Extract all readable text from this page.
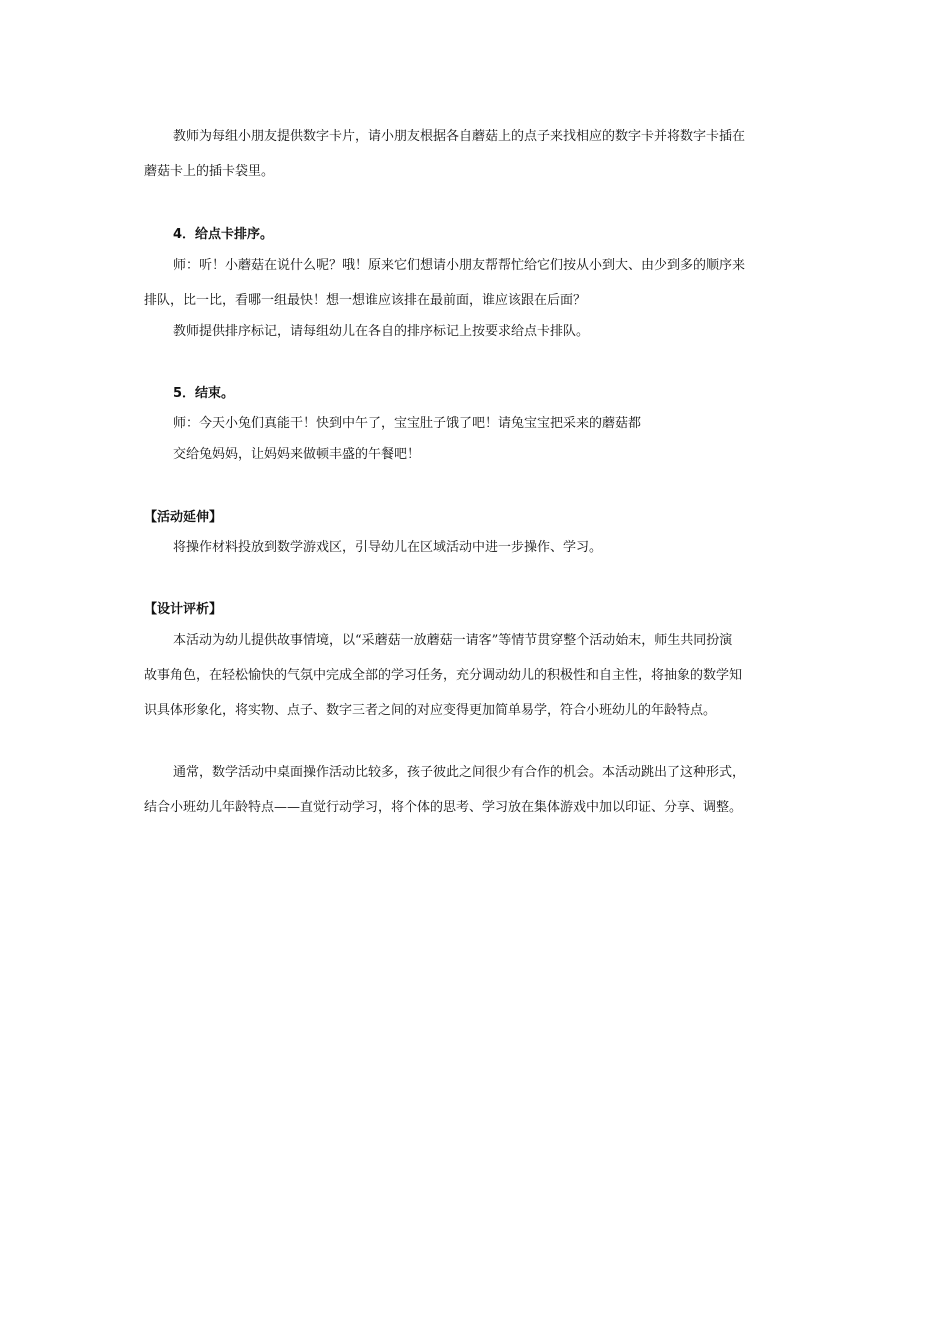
教师为每组小朋友提供数字卡片，请小朋友根据各自蘑菇上的点子来找相应的数字卡并将数字卡插在
蘑菇卡上的插卡袋里。
4．给点卡排序。
师：听！小蘑菇在说什么呢？哦！原来它们想请小朋友帮帮忙给它们按从小到大、由少到多的顺序来
排队，比一比，看哪一组最快！想一想谁应该排在最前面，谁应该跟在后面？
教师提供排序标记，请每组幼儿在各自的排序标记上按要求给点卡排队。
5．结束。
师：今天小兔们真能干！快到中午了，宝宝肚子饿了吧！请兔宝宝把采来的蘑菇都
交给兔妈妈，让妈妈来做顿丰盛的午餐吧！
【活动延伸】
将操作材料投放到数学游戏区，引导幼儿在区域活动中进一步操作、学习。
【设计评析】
本活动为幼儿提供故事情境，以“采蘑菇一放蘑菇一请客”等情节贯穿整个活动始末，师生共同扮演
故事角色，在轻松愉快的气氛中完成全部的学习任务，充分调动幼儿的积极性和自主性，将抽象的数学知
识具体形象化，将实物、点子、数字三者之间的对应变得更加简单易学，符合小班幼儿的年龄特点。
通常，数学活动中桌面操作活动比较多，孩子彼此之间很少有合作的机会。本活动跳出了这种形式，
结合小班幼儿年龄特点——直觉行动学习，将个体的思考、学习放在集体游戏中加以印证、分享、调整。
